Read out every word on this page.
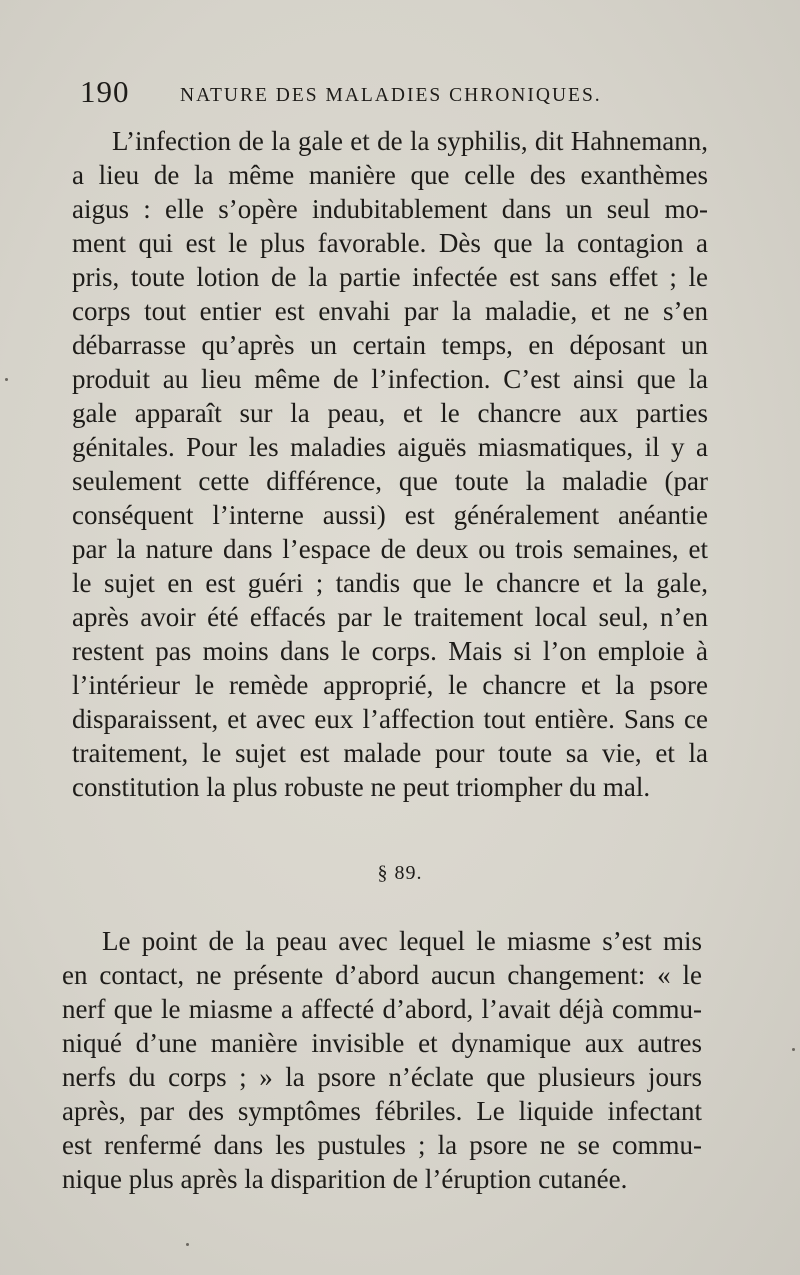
190	NATURE DES MALADIES CHRONIQUES.

L’infection de la gale et de la syphilis, dit Hahnemann,
a lieu de la même manière que celle des exanthèmes
aigus : elle s’opère indubitablement dans un seul mo-
ment qui est le plus favorable. Dès que la contagion a
pris, toute lotion de la partie infectée est sans effet ; le
corps tout entier est envahi par la maladie, et ne s’en
débarrasse qu’après un certain temps, en déposant un
produit au lieu même de l’infection. C’est ainsi que la
gale apparaît sur la peau, et le chancre aux parties
génitales. Pour les maladies aiguës miasmatiques, il y a
seulement cette différence, que toute la maladie (par
conséquent l’interne aussi) est généralement anéantie
par la nature dans l’espace de deux ou trois semaines, et
le sujet en est guéri ; tandis que le chancre et la gale,
après avoir été effacés par le traitement local seul, n’en
restent pas moins dans le corps. Mais si l’on emploie à
l’intérieur le remède approprié, le chancre et la psore
disparaissent, et avec eux l’affection tout entière. Sans ce
traitement, le sujet est malade pour toute sa vie, et la
constitution la plus robuste ne peut triompher du mal.

§ 89.

Le point de la peau avec lequel le miasme s’est mis
en contact, ne présente d’abord aucun changement: « le
nerf que le miasme a affecté d’abord, l’avait déjà commu-
niqué d’une manière invisible et dynamique aux autres
nerfs du corps ; » la psore n’éclate que plusieurs jours
après, par des symptômes fébriles. Le liquide infectant
est renfermé dans les pustules ; la psore ne se commu-
nique plus après la disparition de l’éruption cutanée.
